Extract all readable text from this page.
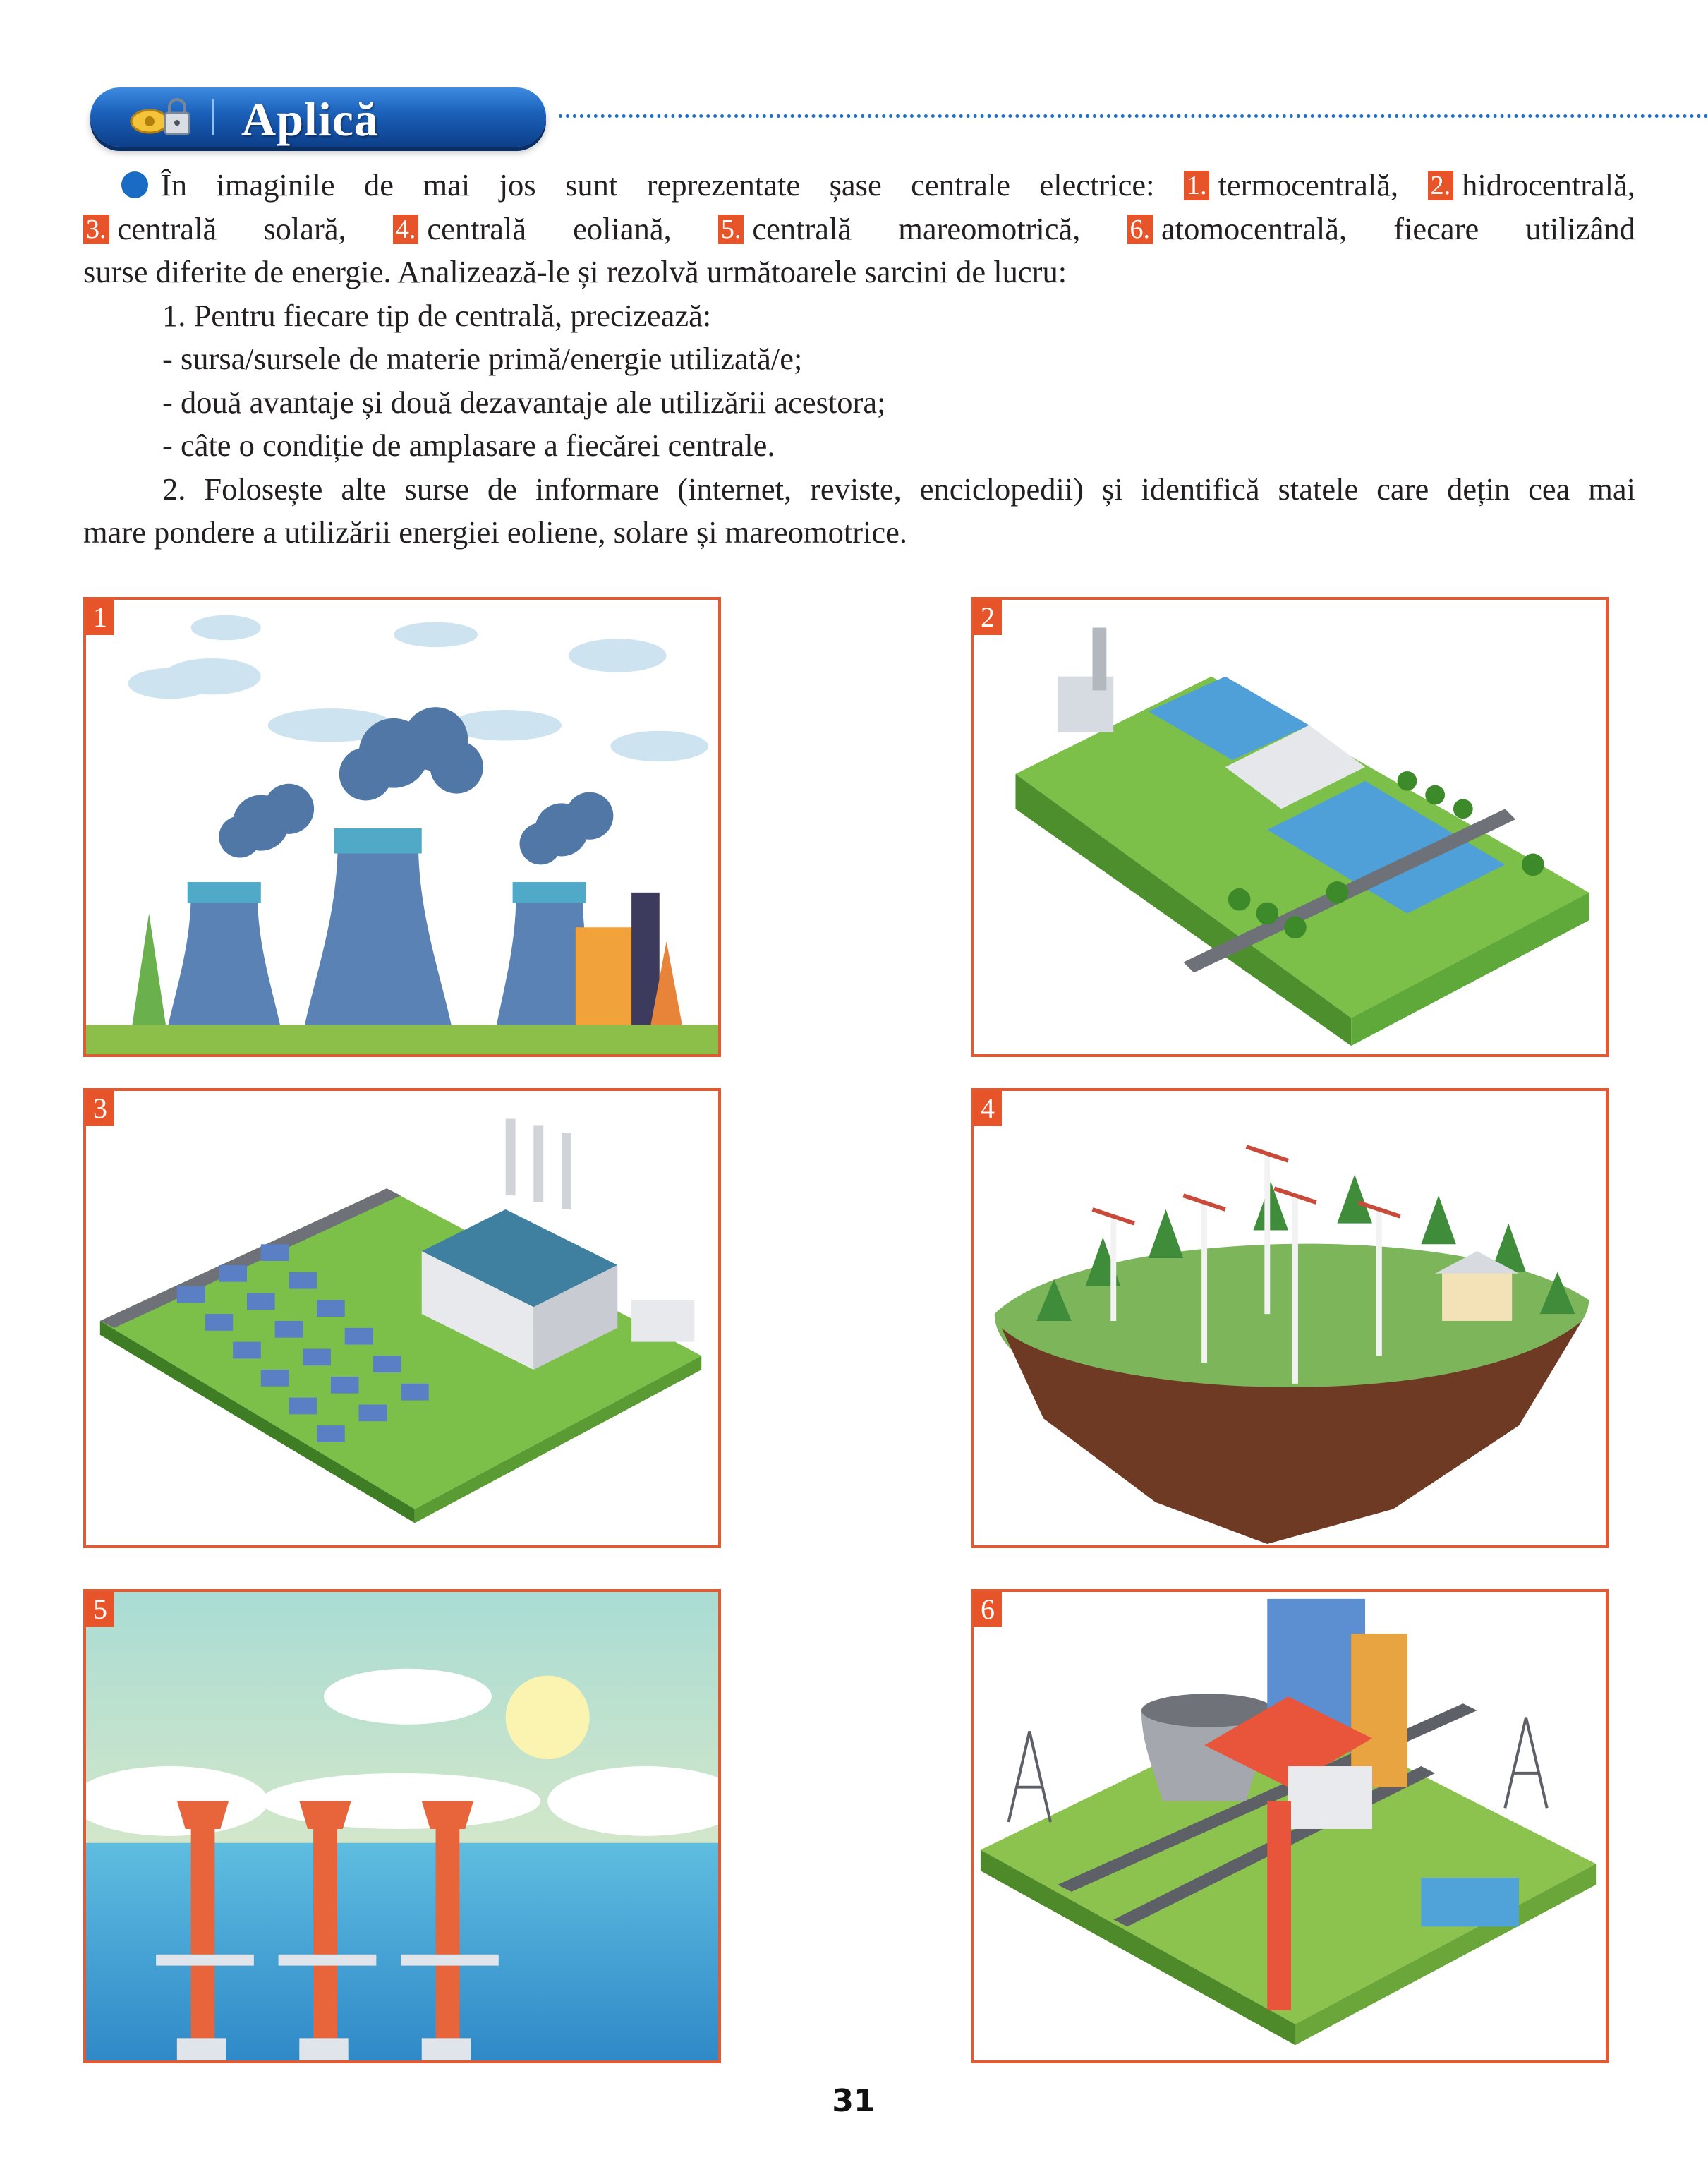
Aplică

În imaginile de mai jos sunt reprezentate șase centrale electrice: 1. termocentrală, 2. hidrocentrală,

3. centrală solară, 4. centrală eoliană, 5. centrală mareomotrică, 6. atomocentrală, fiecare utilizând

surse diferite de energie. Analizează-le și rezolvă următoarele sarcini de lucru:

1. Pentru fiecare tip de centrală, precizează:

- sursa/sursele de materie primă/energie utilizată/e;

- două avantaje și două dezavantaje ale utilizării acestora;

- câte o condiție de amplasare a fiecărei centrale.

2. Folosește alte surse de informare (internet, reviste, enciclopedii) și identifică statele care dețin cea mai

mare pondere a utilizării energiei eoliene, solare și mareomotrice.

1	2
3	4
5	6
31
